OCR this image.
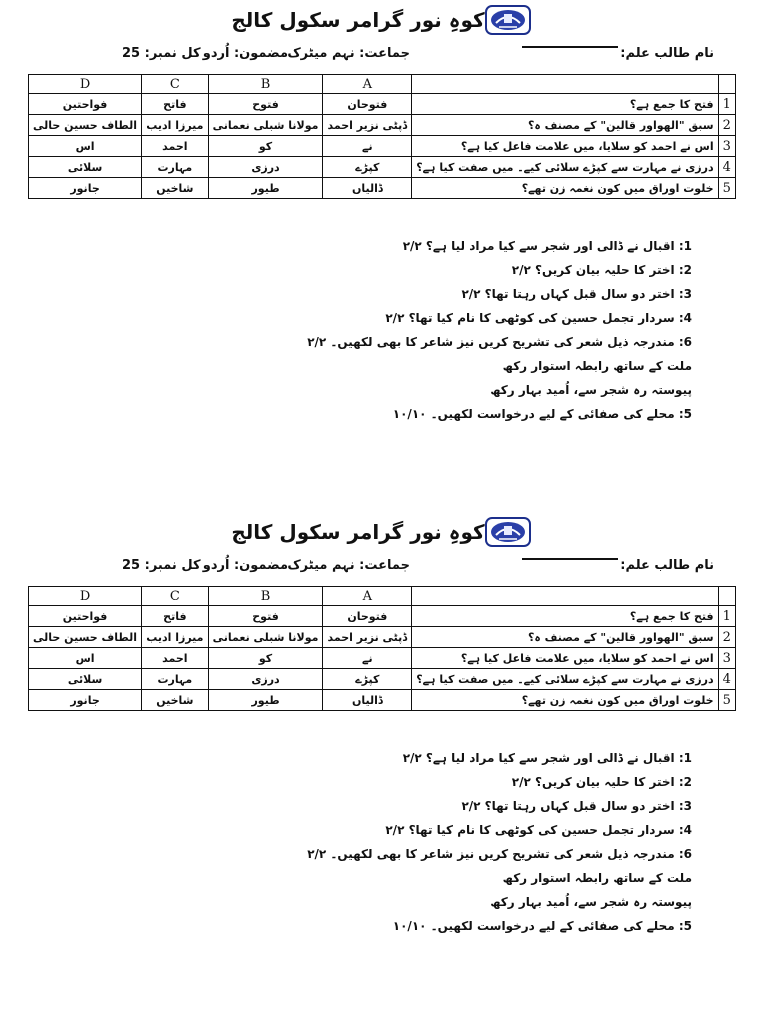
کوہِ نور گرامر سکول کالج
نام طالب علم:
جماعت: نہم میٹرک
مضمون: اُردو
کل نمبر: 25
D	C	B	A		
فواحتین	فاتح	فتوح	فتوحان	فتح کا جمع ہے؟	1
الطاف حسین حالی	میرزا ادیب	مولانا شبلی نعمانی	ڈپٹی نزیر احمد	سبق "الھواور قالین" کے مصنف ہ؟	2
اس	احمد	کو	نے	اس نے احمد کو سلایا، میں علامت فاعل کیا ہے؟	3
سلائی	مہارت	درزی	کپڑے	درزی نے مہارت سے کپڑے سلائی کیے۔ میں صفت کیا ہے؟	4
جانور	شاخیں	طیور	ڈالیاں	خلوت اوراق میں کون نغمہ زن تھے؟	5
1: اقبال نے ڈالی اور شجر سے کیا مراد لیا ہے؟ ۲/۲
2: اختر کا حلیہ بیان کریں؟ ۲/۲
3: اختر دو سال قبل کہاں رہتا تھا؟ ۲/۲
4: سردار تجمل حسین کی کوٹھی کا نام کیا تھا؟ ۲/۲
6: مندرجہ ذیل شعر کی تشریح کریں نیز شاعر کا بھی لکھیں۔ ۲/۲
ملت کے ساتھ رابطہ استوار رکھ
پیوستہ رہ شجر سے، اُمید بہار رکھ
5: محلے کی صفائی کے لیے درخواست لکھیں۔ ۱۰/۱۰
کوہِ نور گرامر سکول کالج
نام طالب علم:
جماعت: نہم میٹرک
مضمون: اُردو
کل نمبر: 25
D	C	B	A		
فواحتین	فاتح	فتوح	فتوحان	فتح کا جمع ہے؟	1
الطاف حسین حالی	میرزا ادیب	مولانا شبلی نعمانی	ڈپٹی نزیر احمد	سبق "الھواور قالین" کے مصنف ہ؟	2
اس	احمد	کو	نے	اس نے احمد کو سلایا، میں علامت فاعل کیا ہے؟	3
سلائی	مہارت	درزی	کپڑے	درزی نے مہارت سے کپڑے سلائی کیے۔ میں صفت کیا ہے؟	4
جانور	شاخیں	طیور	ڈالیاں	خلوت اوراق میں کون نغمہ زن تھے؟	5
1: اقبال نے ڈالی اور شجر سے کیا مراد لیا ہے؟ ۲/۲
2: اختر کا حلیہ بیان کریں؟ ۲/۲
3: اختر دو سال قبل کہاں رہتا تھا؟ ۲/۲
4: سردار تجمل حسین کی کوٹھی کا نام کیا تھا؟ ۲/۲
6: مندرجہ ذیل شعر کی تشریح کریں نیز شاعر کا بھی لکھیں۔ ۲/۲
ملت کے ساتھ رابطہ استوار رکھ
پیوستہ رہ شجر سے، اُمید بہار رکھ
5: محلے کی صفائی کے لیے درخواست لکھیں۔ ۱۰/۱۰
